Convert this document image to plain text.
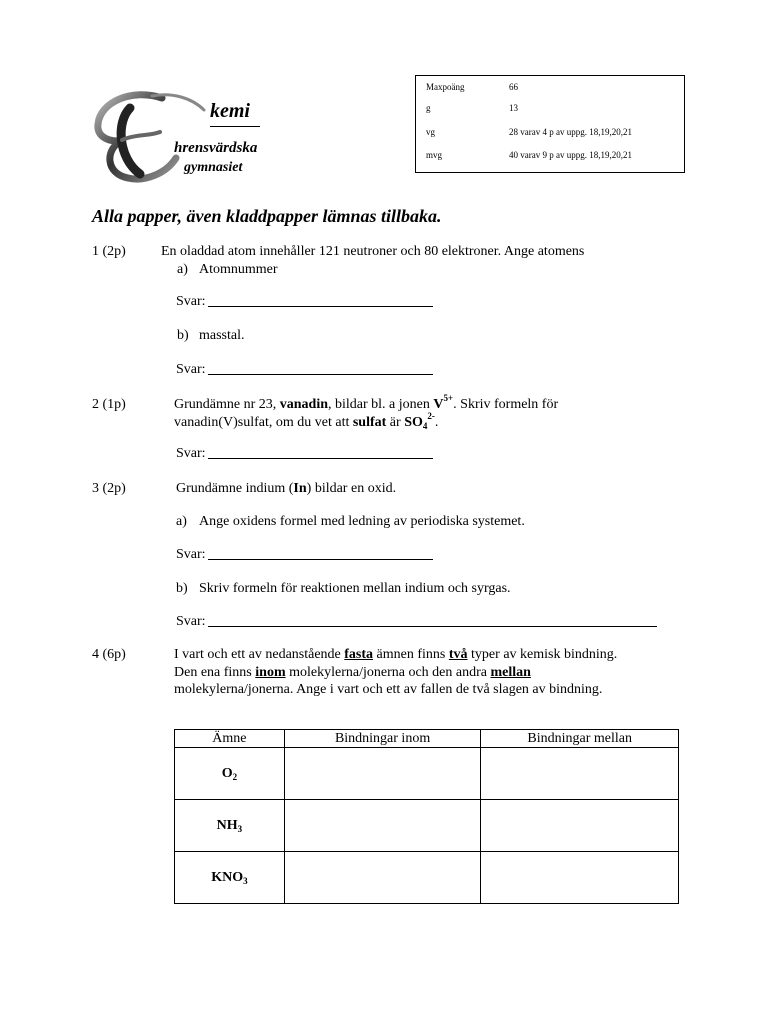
kemi
hrensvärdska
gymnasiet
Maxpoäng	66
g	13
vg	28 varav 4 p av uppg. 18,19,20,21
mvg	40 varav 9 p av uppg. 18,19,20,21
Alla papper, även kladdpapper lämnas tillbaka.
1 (2p)	En oladdad atom innehåller 121 neutroner och 80 elektroner. Ange atomens
a) Atomnummer
Svar:
b) masstal.
Svar:
2 (1p)	Grundämne nr 23, vanadin, bildar bl. a jonen $V^{5+}$. Skriv formeln för
vanadin(V)sulfat, om du vet att sulfat är $SO_4^{2-}$.
Svar:
3 (2p)	Grundämne indium (In) bildar en oxid.
a) Ange oxidens formel med ledning av periodiska systemet.
Svar:
b) Skriv formeln för reaktionen mellan indium och syrgas.
Svar:
4 (6p)	I vart och ett av nedanstående fasta ämnen finns två typer av kemisk bindning.
Den ena finns inom molekylerna/jonerna och den andra mellan
molekylerna/jonerna. Ange i vart och ett av fallen de två slagen av bindning.
Ämne	Bindningar inom	Bindningar mellan
$O_2$		
$NH_3$		
$KNO_3$		
